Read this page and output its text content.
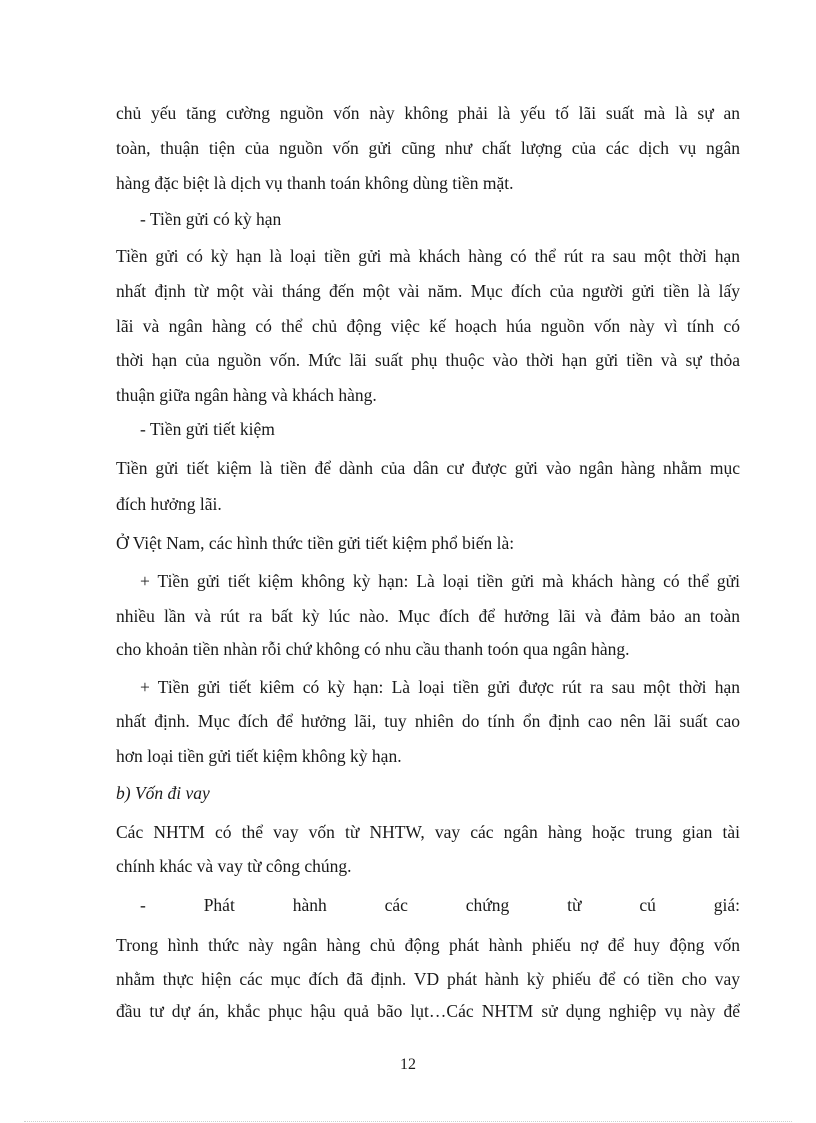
chủ yếu tăng cường nguồn vốn này không phải là yếu tố lãi suất mà là sự an
toàn, thuận tiện của nguồn vốn gửi cũng như chất lượng của các dịch vụ ngân
hàng đặc biệt là dịch vụ thanh toán không dùng tiền mặt.
- Tiền gửi có kỳ hạn
Tiền gửi có kỳ hạn là loại tiền gửi mà khách hàng có thể rút ra sau một thời hạn
nhất định từ một vài tháng đến một vài năm. Mục đích của người gửi tiền là lấy
lãi và ngân hàng có thể chủ động việc kế hoạch húa nguồn vốn này vì tính có
thời hạn của nguồn vốn. Mức lãi suất phụ thuộc vào thời hạn gửi tiền và sự thỏa
thuận giữa ngân hàng và khách hàng.
- Tiền gửi tiết kiệm
Tiền gửi tiết kiệm là tiền để dành của dân cư được gửi vào ngân hàng nhằm mục
đích hưởng lãi.
Ở Việt Nam, các hình thức tiền gửi tiết kiệm phổ biến là:
+ Tiền gửi tiết kiệm không kỳ hạn: Là loại tiền gửi mà khách hàng có thể gửi
nhiều lần và rút ra bất kỳ lúc nào. Mục đích để hưởng lãi và đảm bảo an toàn
cho khoản tiền nhàn rỗi chứ không có nhu cầu thanh toón qua ngân hàng.
+ Tiền gửi tiết kiêm có kỳ hạn: Là loại tiền gửi được rút ra sau một thời hạn
nhất định. Mục đích để hưởng lãi, tuy nhiên do tính ổn định cao nên lãi suất cao
hơn loại tiền gửi tiết kiệm không kỳ hạn.
b) Vốn đi vay
Các NHTM có thể vay vốn từ NHTW, vay các ngân hàng hoặc trung gian tài
chính khác và vay từ công chúng.
- Phát hành các chứng từ cú giá:
Trong hình thức này ngân hàng chủ động phát hành phiếu nợ để huy động vốn
nhằm thực hiện các mục đích đã định. VD phát hành kỳ phiếu để có tiền cho vay
đầu tư dự án, khắc phục hậu quả bão lụt…Các NHTM sử dụng nghiệp vụ này để
12
